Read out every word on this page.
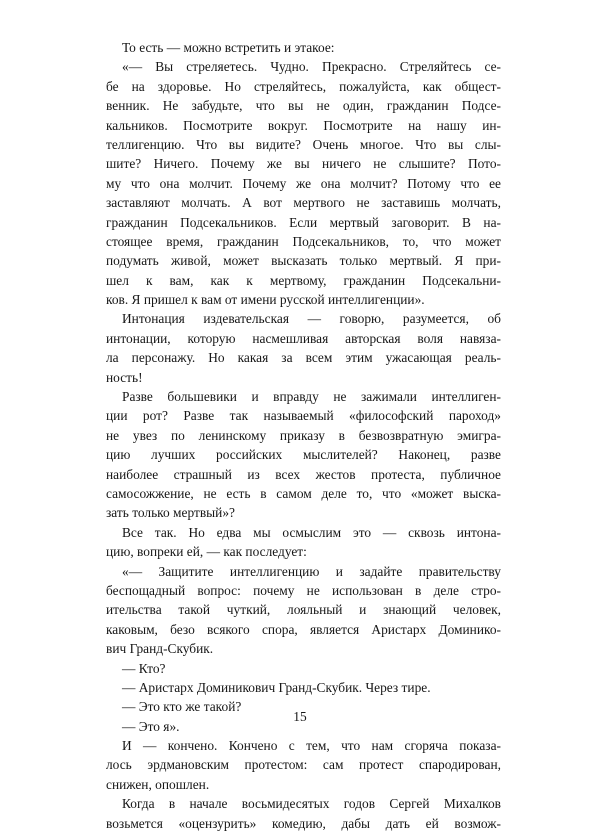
То есть — можно встретить и этакое:
«— Вы стреляетесь. Чудно. Прекрасно. Стреляйтесь се-
бе на здоровье. Но стреляйтесь, пожалуйста, как общест-
венник. Не забудьте, что вы не один, гражданин Подсе-
кальников. Посмотрите вокруг. Посмотрите на нашу ин-
теллигенцию. Что вы видите? Очень многое. Что вы слы-
шите? Ничего. Почему же вы ничего не слышите? Пото-
му что она молчит. Почему же она молчит? Потому что ее
заставляют молчать. А вот мертвого не заставишь молчать,
гражданин Подсекальников. Если мертвый заговорит. В на-
стоящее время, гражданин Подсекальников, то, что может
подумать живой, может высказать только мертвый. Я при-
шел к вам, как к мертвому, гражданин Подсекальни-
ков. Я пришел к вам от имени русской интеллигенции».
Интонация издевательская — говорю, разумеется, об
интонации, которую насмешливая авторская воля навяза-
ла персонажу. Но какая за всем этим ужасающая реаль-
ность!
Разве большевики и вправду не зажимали интеллиген-
ции рот? Разве так называемый «философский пароход»
не увез по ленинскому приказу в безвозвратную эмигра-
цию лучших российских мыслителей? Наконец, разве
наиболее страшный из всех жестов протеста, публичное
самосожжение, не есть в самом деле то, что «может выска-
зать только мертвый»?
Все так. Но едва мы осмыслим это — сквозь интона-
цию, вопреки ей, — как последует:
«— Защитите интеллигенцию и задайте правительству
беспощадный вопрос: почему не использован в деле стро-
ительства такой чуткий, лояльный и знающий человек,
каковым, безо всякого спора, является Аристарх Доминико-
вич Гранд-Скубик.
— Кто?
— Аристарх Доминикович Гранд-Скубик. Через тире.
— Это кто же такой?
— Это я».
И — кончено. Кончено с тем, что нам сгоряча показа-
лось эрдмановским протестом: сам протест спародирован,
снижен, опошлен.
Когда в начале восьмидесятых годов Сергей Михалков
возьмется «оцензурить» комедию, дабы дать ей возмож-
15
